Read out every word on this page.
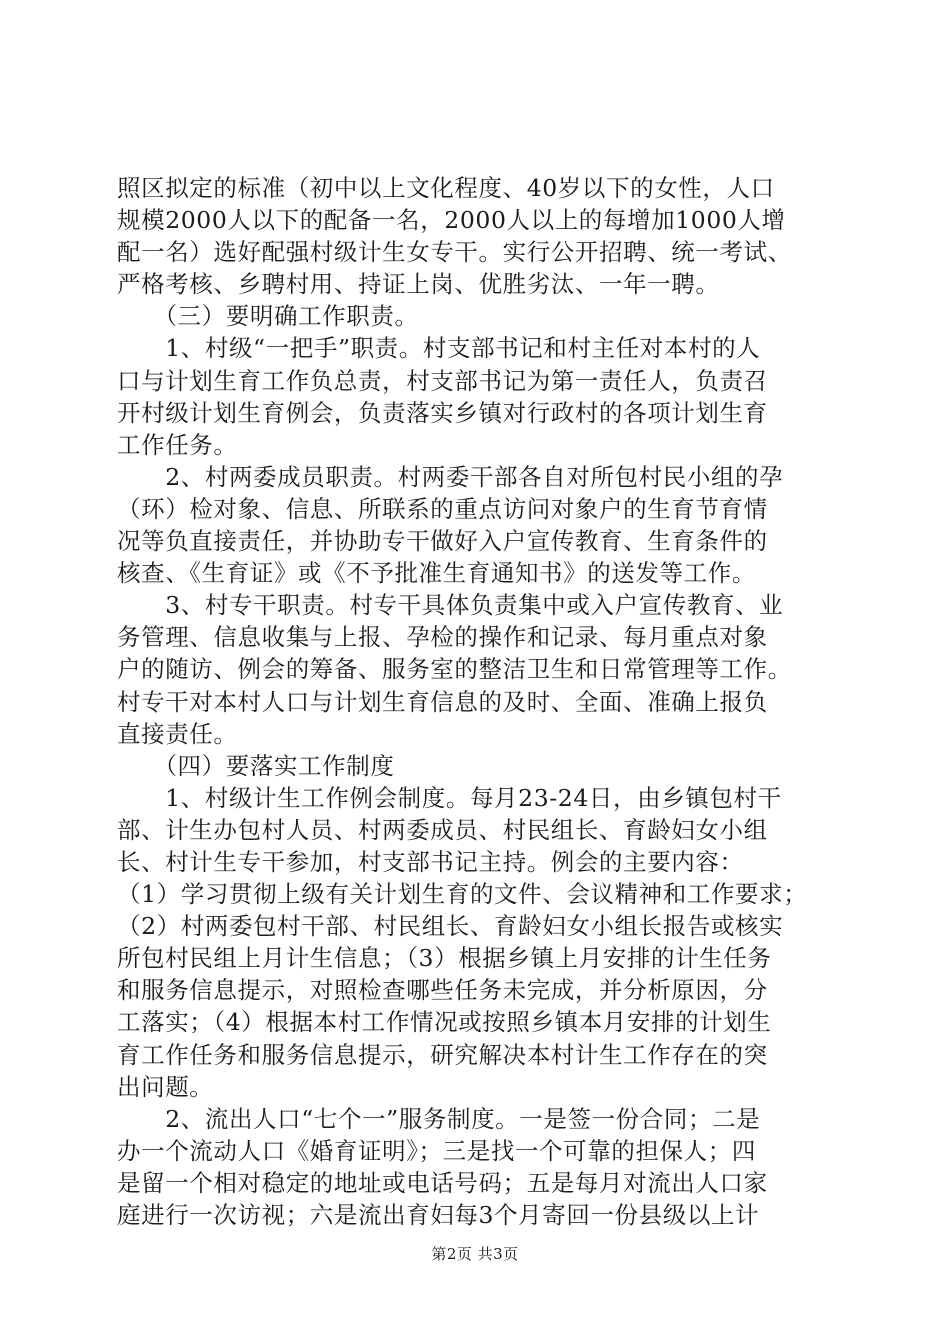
照区拟定的标准（初中以上文化程度、40岁以下的女性，人口
规模2000人以下的配备一名，2000人以上的每增加1000人增
配一名）选好配强村级计生女专干。实行公开招聘、统一考试、
严格考核、乡聘村用、持证上岗、优胜劣汰、一年一聘。
　　（三）要明确工作职责。
　　1、村级“一把手”职责。村支部书记和村主任对本村的人
口与计划生育工作负总责，村支部书记为第一责任人，负责召
开村级计划生育例会，负责落实乡镇对行政村的各项计划生育
工作任务。
　　2、村两委成员职责。村两委干部各自对所包村民小组的孕
（环）检对象、信息、所联系的重点访问对象户的生育节育情
况等负直接责任，并协助专干做好入户宣传教育、生育条件的
核查、《生育证》或《不予批准生育通知书》的送发等工作。
　　3、村专干职责。村专干具体负责集中或入户宣传教育、业
务管理、信息收集与上报、孕检的操作和记录、每月重点对象
户的随访、例会的筹备、服务室的整洁卫生和日常管理等工作。
村专干对本村人口与计划生育信息的及时、全面、准确上报负
直接责任。
　　（四）要落实工作制度
　　1、村级计生工作例会制度。每月23-24日，由乡镇包村干
部、计生办包村人员、村两委成员、村民组长、育龄妇女小组
长、村计生专干参加，村支部书记主持。例会的主要内容：
（1）学习贯彻上级有关计划生育的文件、会议精神和工作要求；
（2）村两委包村干部、村民组长、育龄妇女小组长报告或核实
所包村民组上月计生信息；（3）根据乡镇上月安排的计生任务
和服务信息提示，对照检查哪些任务未完成，并分析原因，分
工落实；（4）根据本村工作情况或按照乡镇本月安排的计划生
育工作任务和服务信息提示，研究解决本村计生工作存在的突
出问题。
　　2、流出人口“七个一”服务制度。一是签一份合同；二是
办一个流动人口《婚育证明》；三是找一个可靠的担保人；四
是留一个相对稳定的地址或电话号码；五是每月对流出人口家
庭进行一次访视；六是流出育妇每3个月寄回一份县级以上计
第2页 共3页
